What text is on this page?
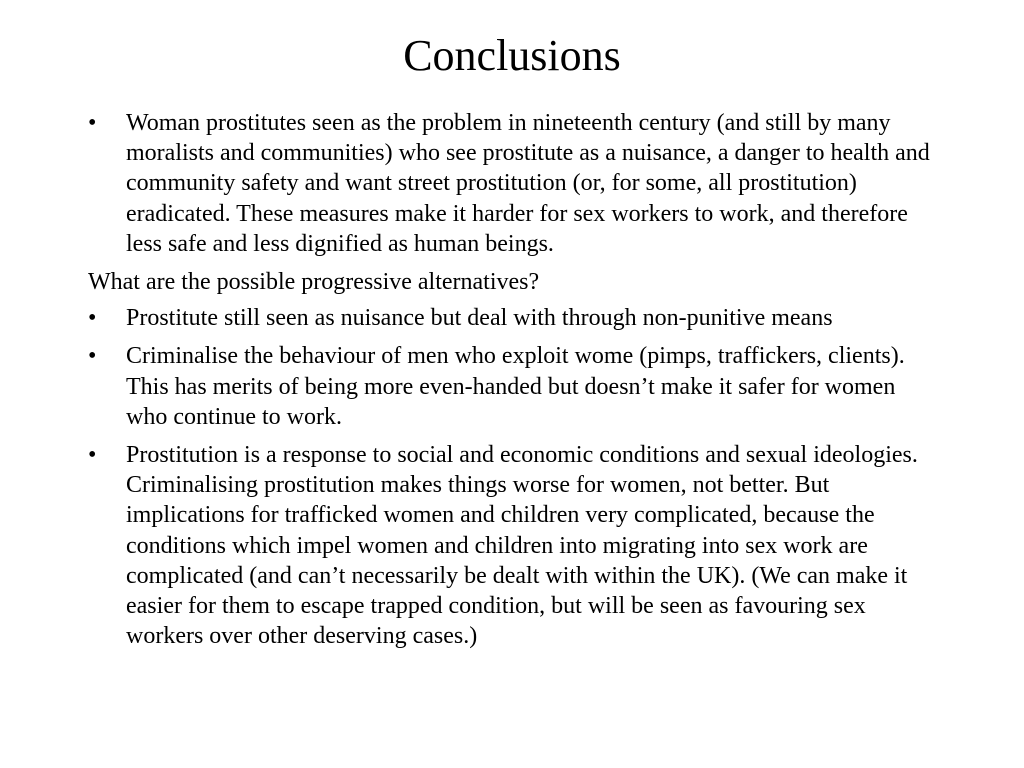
Conclusions
• Woman prostitutes seen as the problem in nineteenth century (and still by many moralists and communities) who see prostitute as a nuisance, a danger to health and community safety and want street prostitution (or, for some, all prostitution) eradicated. These measures make it harder for sex workers to work, and therefore less safe and less dignified as human beings.
What are the possible progressive alternatives?
• Prostitute still seen as nuisance but deal with through non-punitive means
• Criminalise the behaviour of men who exploit wome (pimps, traffickers, clients). This has merits of being more even-handed but doesn’t make it safer for women who continue to work.
• Prostitution is a response to social and economic conditions and sexual ideologies. Criminalising prostitution makes things worse for women, not better. But implications for trafficked women and children very complicated, because the conditions which impel women and children into migrating into sex work are complicated (and can’t necessarily be dealt with within the UK). (We can make it easier for them to escape trapped condition, but will be seen as favouring sex workers over other deserving cases.)
